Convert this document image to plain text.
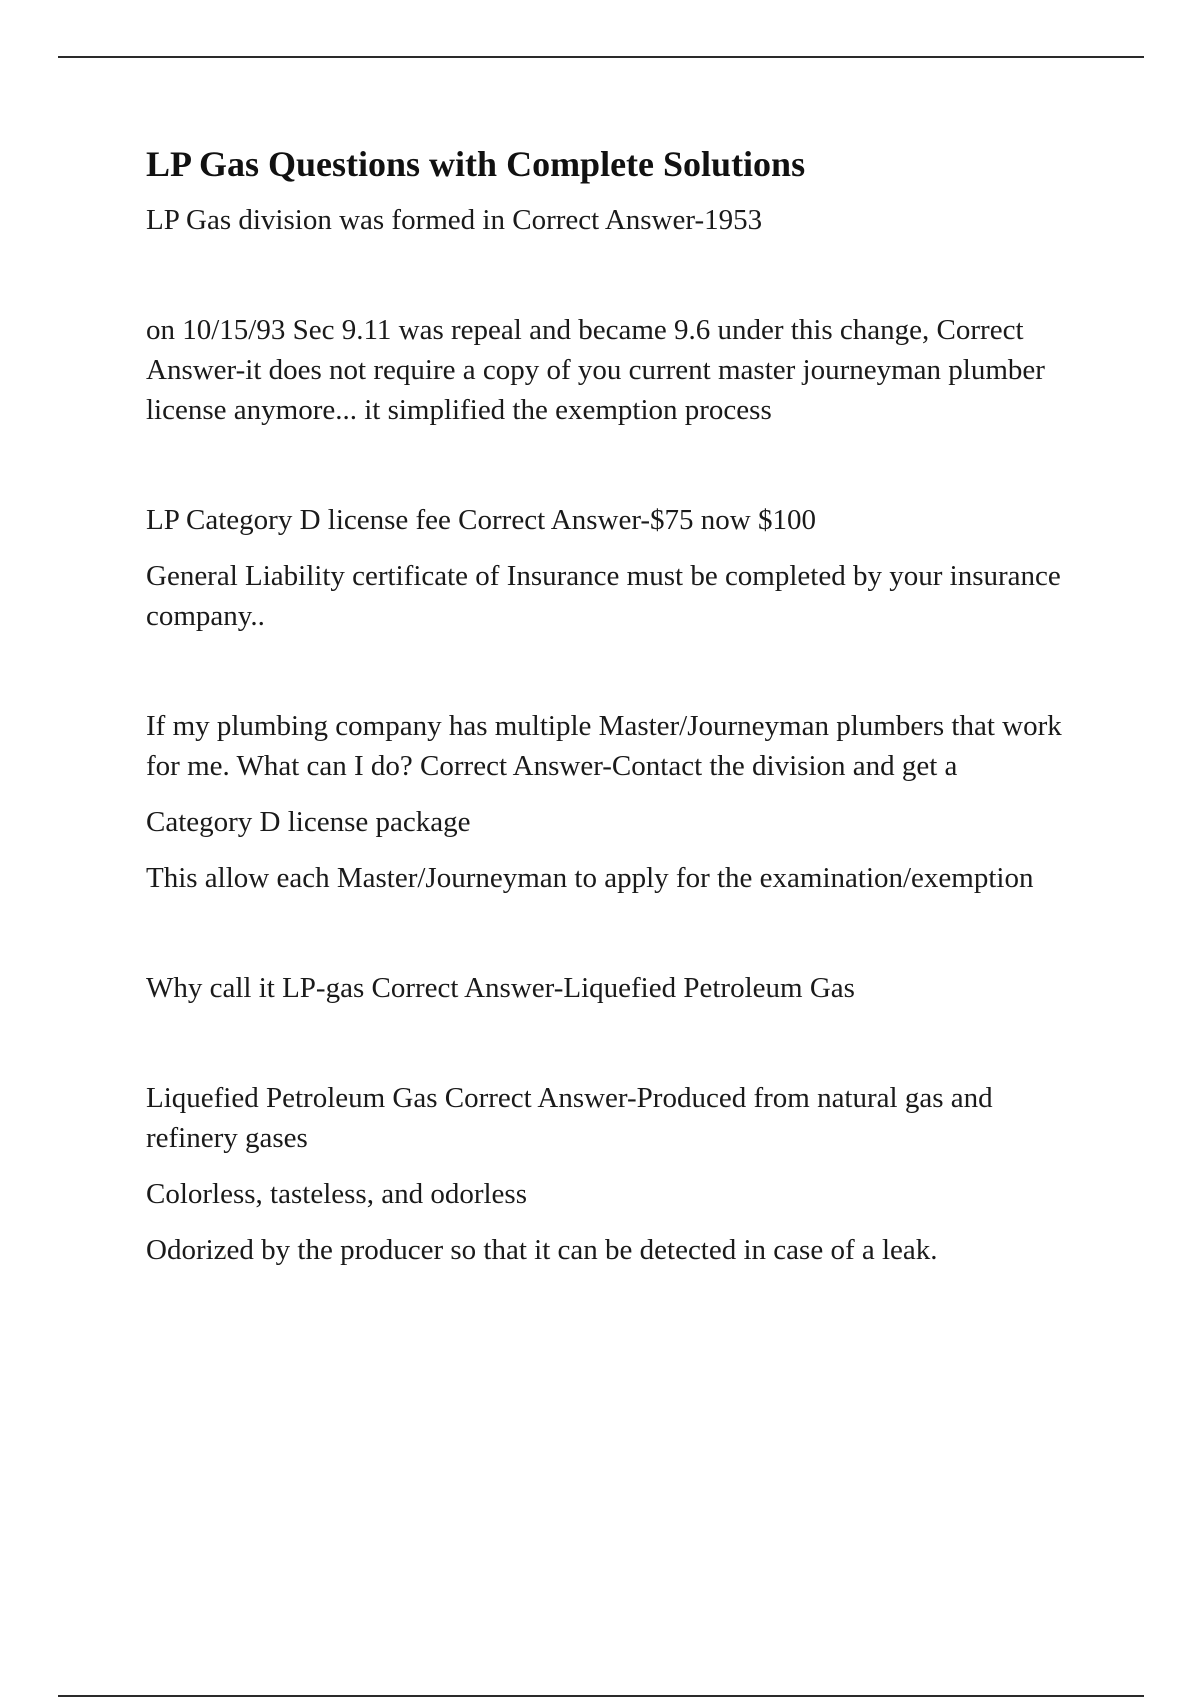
LP Gas Questions with Complete Solutions

LP Gas division was formed in Correct Answer-1953

on 10/15/93 Sec 9.11 was repeal and became 9.6 under this change, Correct Answer-it does not require a copy of you current master journeyman plumber license anymore... it simplified the exemption process

LP Category D license fee Correct Answer-$75 now $100

General Liability certificate of Insurance must be completed by your insurance company..

If my plumbing company has multiple Master/Journeyman plumbers that work for me. What can I do? Correct Answer-Contact the division and get a

Category D license package

This allow each Master/Journeyman to apply for the examination/exemption

Why call it LP-gas Correct Answer-Liquefied Petroleum Gas

Liquefied Petroleum Gas Correct Answer-Produced from natural gas and refinery gases

Colorless, tasteless, and odorless

Odorized by the producer so that it can be detected in case of a leak.
